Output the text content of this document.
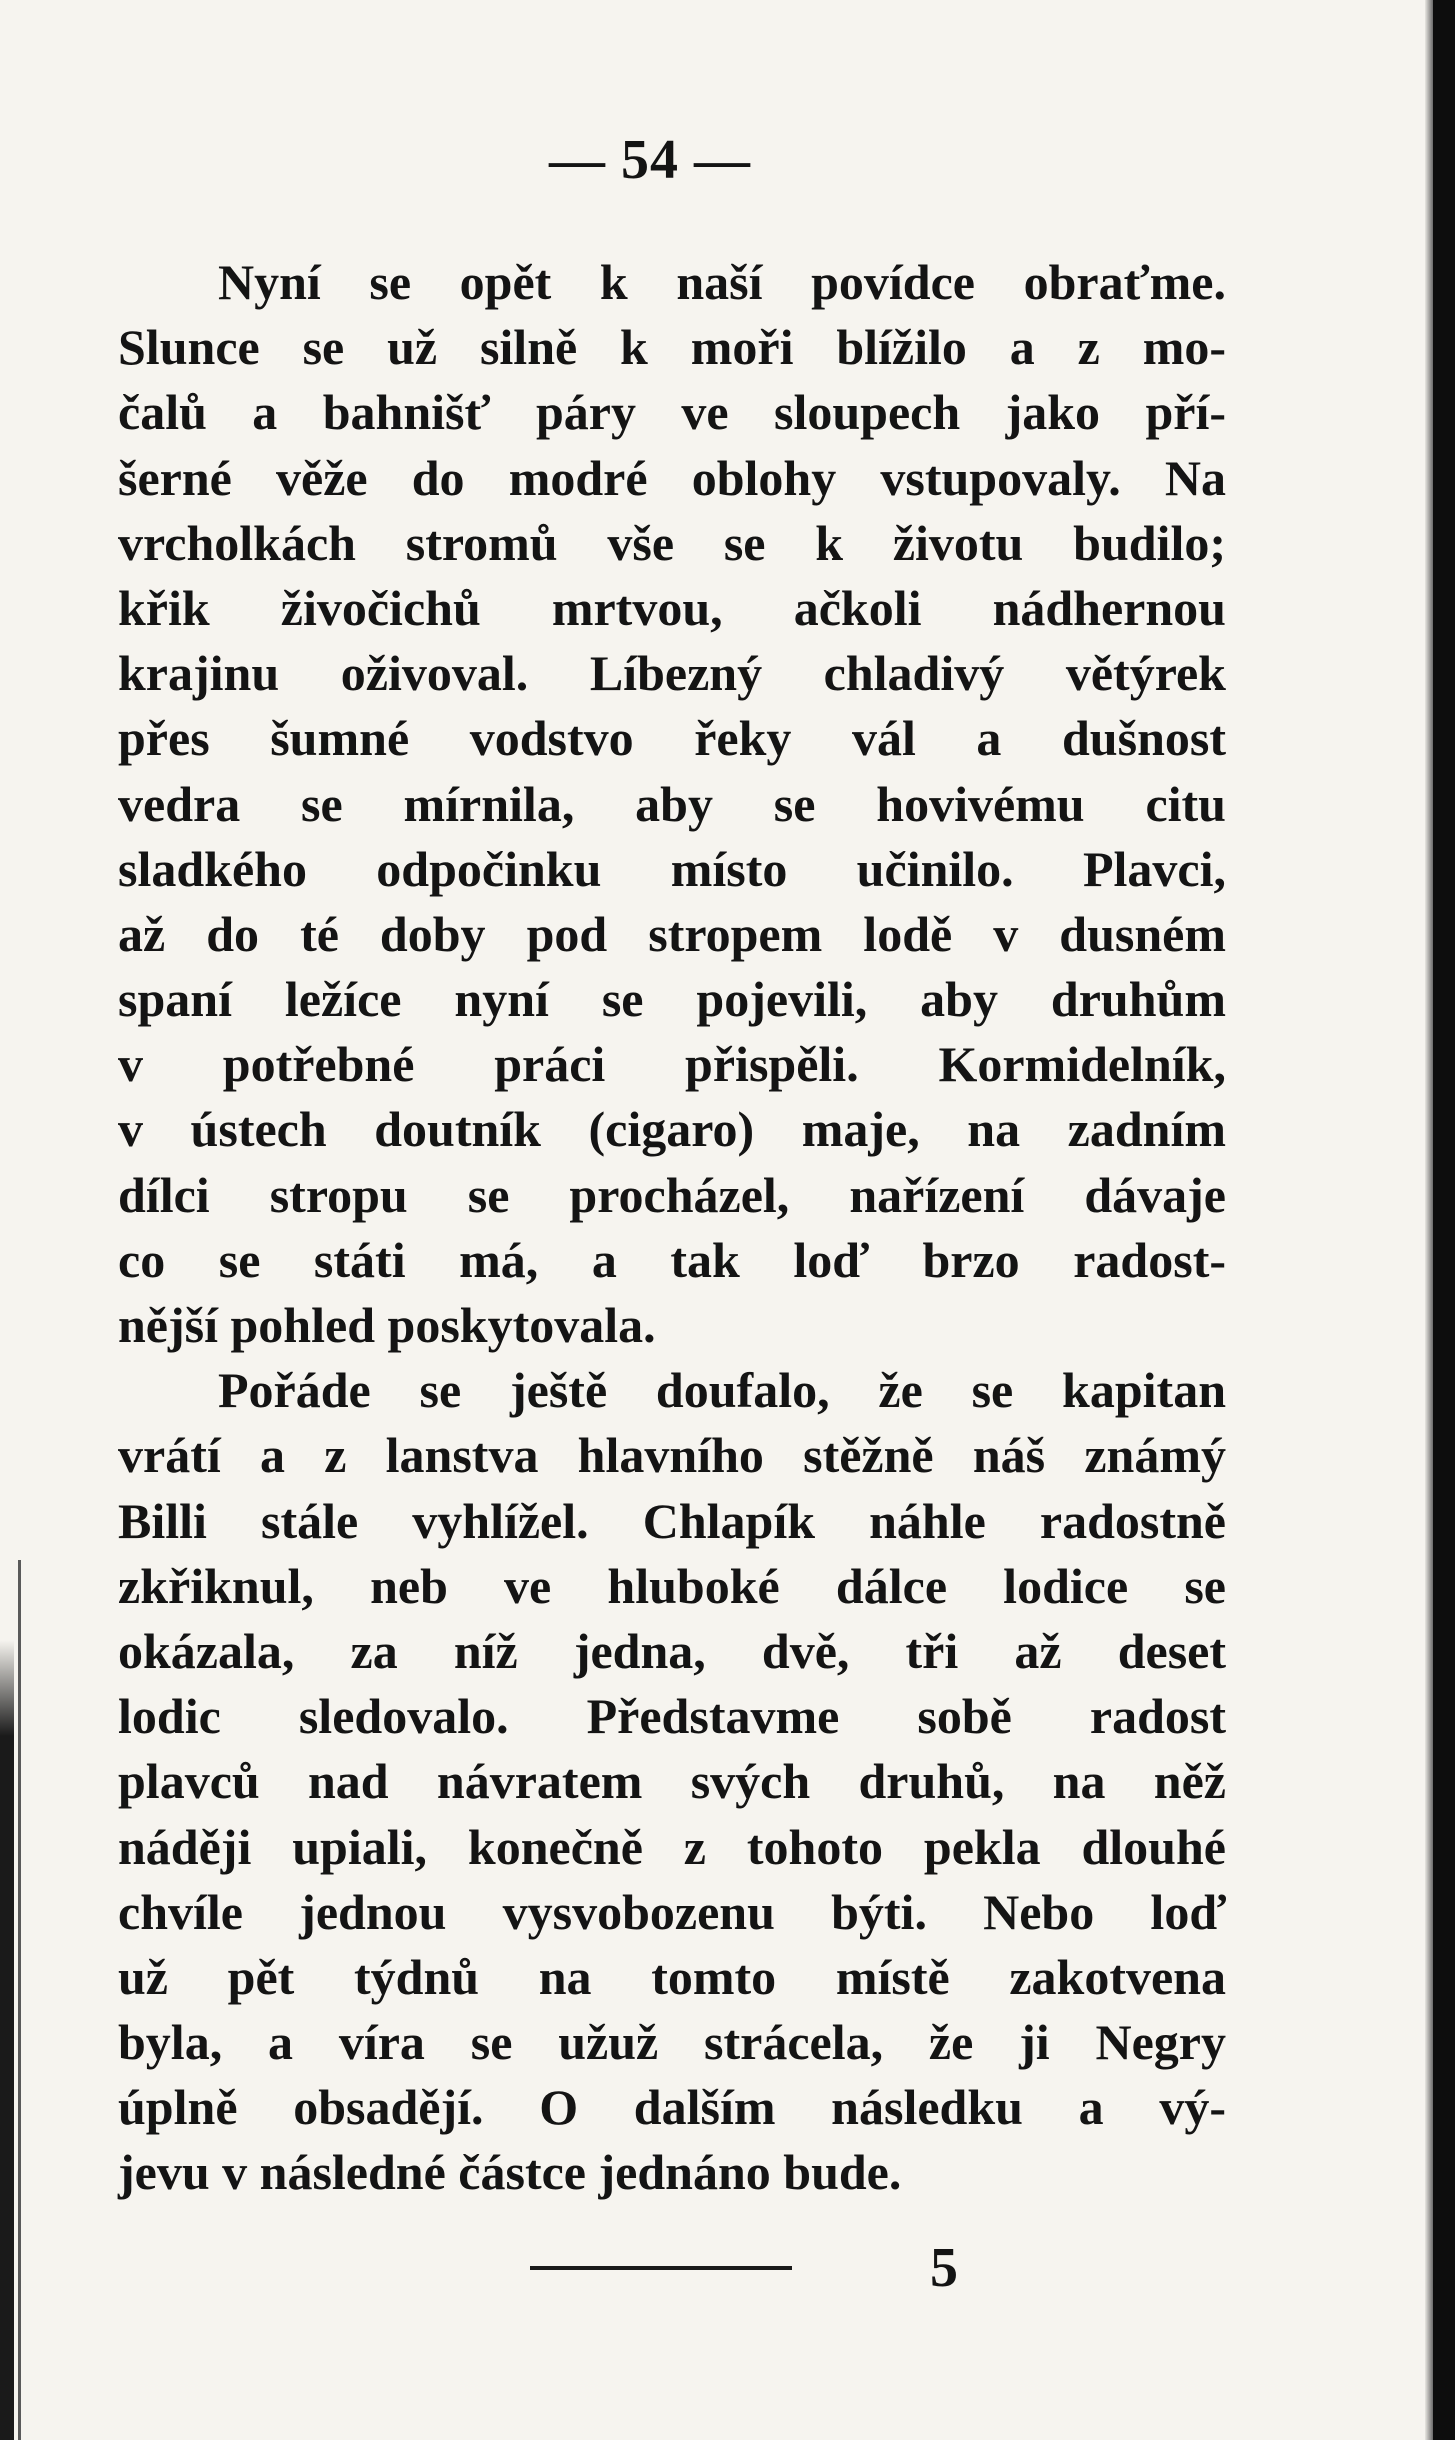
— 54 —
Nyní se opět k naší povídce obraťme.
Slunce se už silně k moři blížilo a z mo-
čalů a bahnišť páry ve sloupech jako pří-
šerné věže do modré oblohy vstupovaly. Na
vrcholkách stromů vše se k životu budilo;
křik živočichů mrtvou, ačkoli nádhernou
krajinu oživoval. Líbezný chladivý větýrek
přes šumné vodstvo řeky vál a dušnost
vedra se mírnila, aby se hovivému citu
sladkého odpočinku místo učinilo. Plavci,
až do té doby pod stropem lodě v dusném
spaní ležíce nyní se pojevili, aby druhům
v potřebné práci přispěli. Kormidelník,
v ústech doutník (cigaro) maje, na zadním
dílci stropu se procházel, nařízení dávaje
co se státi má, a tak loď brzo radost-
nější pohled poskytovala.
Pořáde se ještě doufalo, že se kapitan
vrátí a z lanstva hlavního stěžně náš známý
Billi stále vyhlížel. Chlapík náhle radostně
zkřiknul, neb ve hluboké dálce lodice se
okázala, za níž jedna, dvě, tři až deset
lodic sledovalo. Představme sobě radost
plavců nad návratem svých druhů, na něž
náději upiali, konečně z tohoto pekla dlouhé
chvíle jednou vysvobozenu býti. Nebo loď
už pět týdnů na tomto místě zakotvena
byla, a víra se užuž strácela, že ji Negry
úplně obsadějí. O dalším následku a vý-
jevu v následné částce jednáno bude.
5
